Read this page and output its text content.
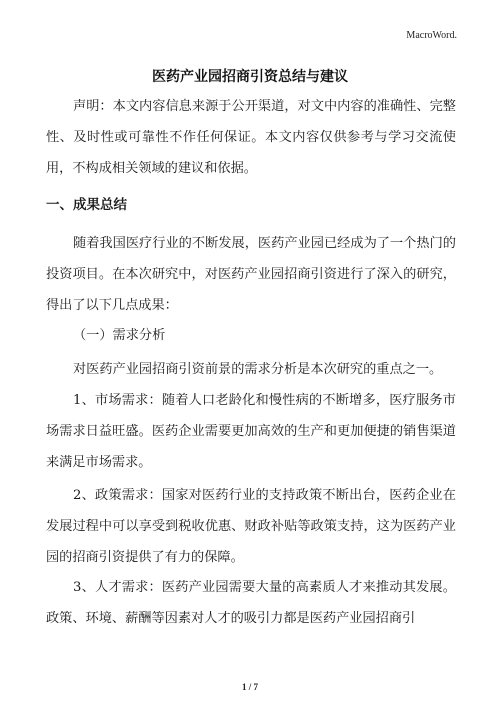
MacroWord.
医药产业园招商引资总结与建议

声明：本文内容信息来源于公开渠道，对文中内容的准确性、完整性、及时性或可靠性不作任何保证。本文内容仅供参考与学习交流使用，不构成相关领域的建议和依据。

一、成果总结

随着我国医疗行业的不断发展，医药产业园已经成为了一个热门的投资项目。在本次研究中，对医药产业园招商引资进行了深入的研究，得出了以下几点成果：

（一）需求分析

对医药产业园招商引资前景的需求分析是本次研究的重点之一。

1、市场需求：随着人口老龄化和慢性病的不断增多，医疗服务市场需求日益旺盛。医药企业需要更加高效的生产和更加便捷的销售渠道来满足市场需求。

2、政策需求：国家对医药行业的支持政策不断出台，医药企业在发展过程中可以享受到税收优惠、财政补贴等政策支持，这为医药产业园的招商引资提供了有力的保障。

3、人才需求：医药产业园需要大量的高素质人才来推动其发展。政策、环境、薪酬等因素对人才的吸引力都是医药产业园招商引

1 / 7
